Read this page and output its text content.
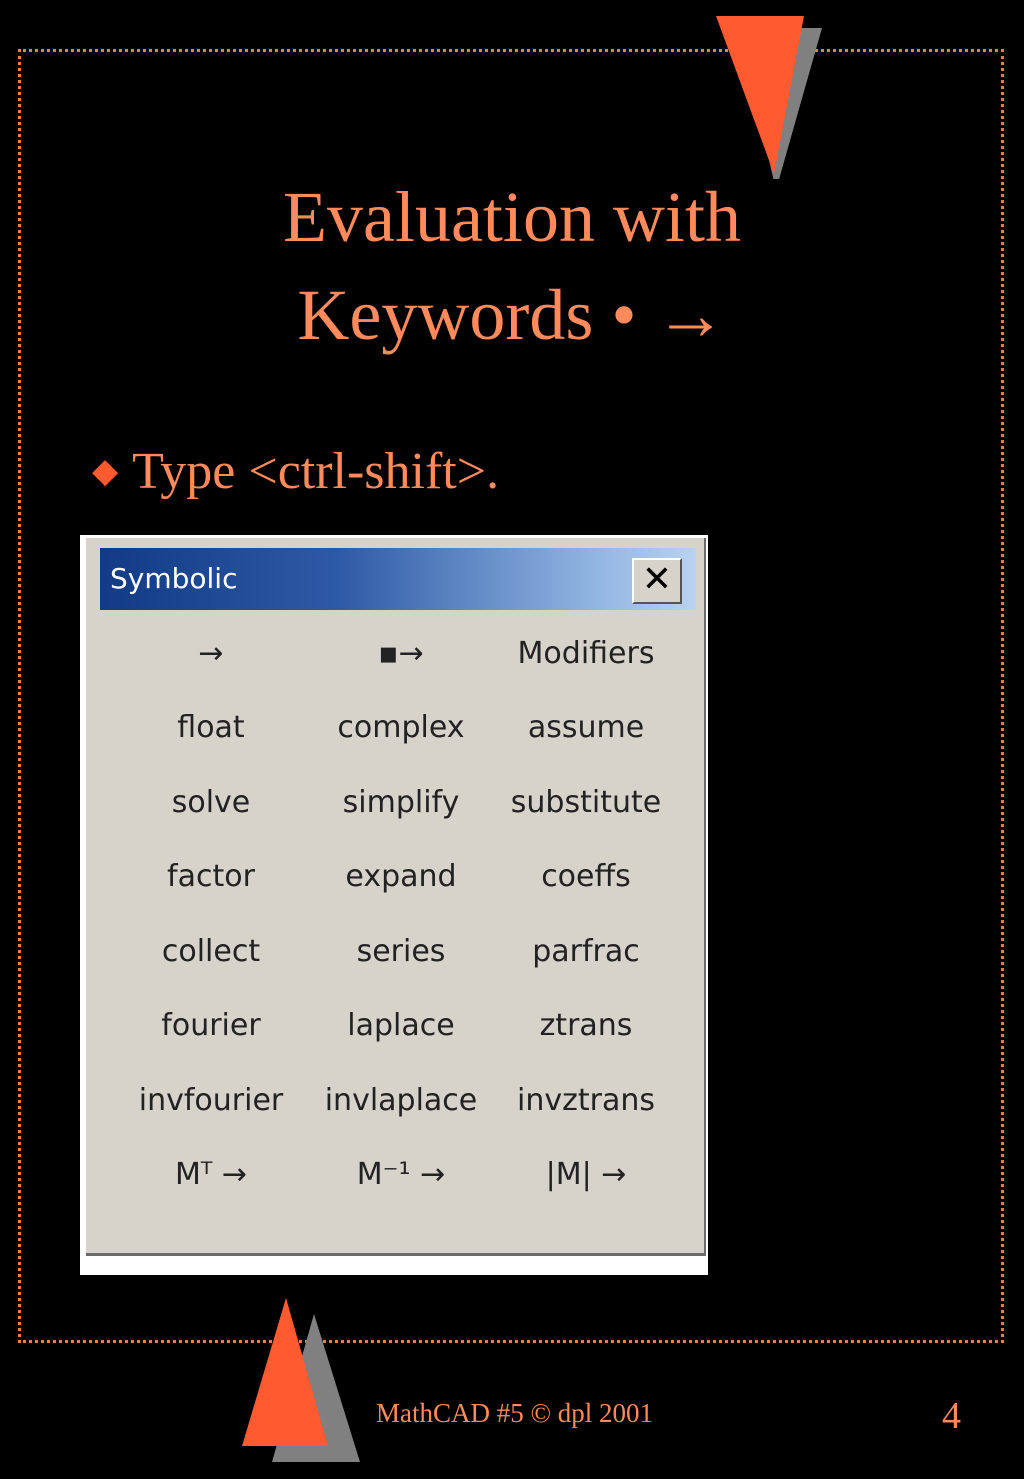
Evaluation with
Keywords • →
◆ Type <ctrl-shift>.
Symbolic	✕
→	▪→	Modifiers
float	complex	assume
solve	simplify	substitute
factor	expand	coeffs
collect	series	parfrac
fourier	laplace	ztrans
invfourier	invlaplace	invztrans
Mᵀ →	M⁻¹ →	|M| →
MathCAD #5 © dpl 2001	4
